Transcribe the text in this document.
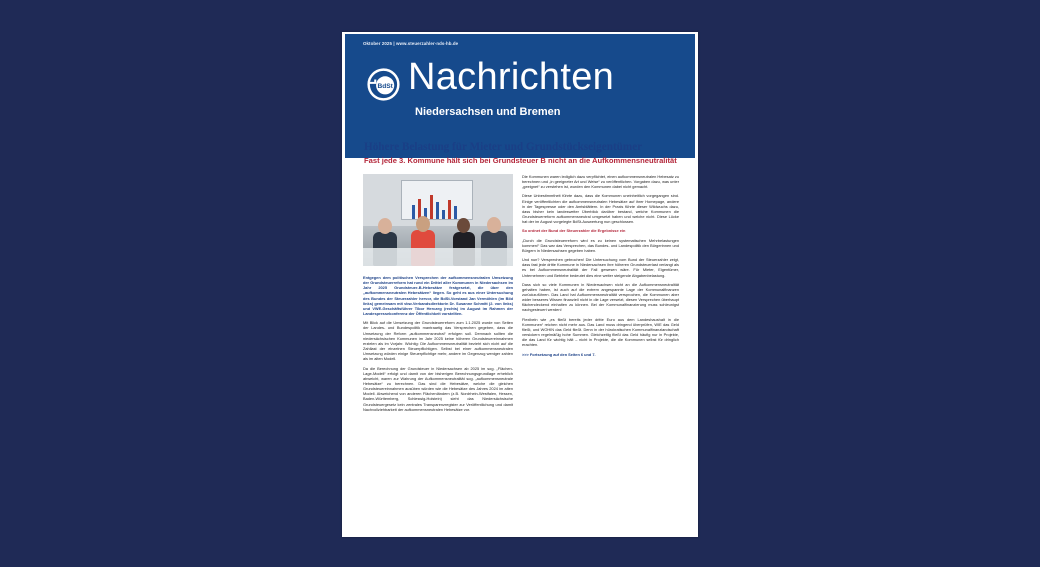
Oktober 2025 | www.steuerzahler-nds-hb.de
BdSt Nachrichten
Niedersachsen und Bremen
Höhere Belastung für Mieter und Grundstückseigentümer
Fast jede 3. Kommune hält sich bei Grundsteuer B nicht an die Aufkommensneutralität

Entgegen dem politischen Versprechen der aufkommensneutralen Umsetzung der Grundsteuerreform hat rund ein Drittel aller Kommunen in Niedersachsen im Jahr 2025 Grundsteuer-B-Hebesätze festgesetzt, die über den „aufkommensneutralen Hebesätzen“ liegen. So geht es aus einer Untersuchung des Bundes der Steuerzahler hervor, die BdSt-Vorstand Jan Vermöhlen (im Bild links) gemeinsam mit vbw-Verbandsdirektorin Dr. Susanne Schmitt (2. von links) und VWE-Geschäftsführer Tibor Herczeg (rechts) im August im Rahmen der Landespressekonferenz der Öffentlichkeit vorstellten.

Mit Blick auf die Umsetzung der Grundsteuerreform zum 1.1.2025 wurde von Seiten der Landes- und Bundespolitik mantraartig das Versprechen gegeben, dass die Umsetzung der Reform „aufkommensneutral“ erfolgen soll. Demnach sollten die niedersächsischen Kommunen im Jahr 2025 keine höheren Grundsteuereinnahmen erzielen als im Vorjahr. Wichtig: Die Aufkommensneutralität bezieht sich nicht auf die Zahllast der einzelnen Steuerpflichtigen. Selbst bei einer aufkommensneutralen Umsetzung würden einige Steuerpflichtige mehr, andere im Gegenzug weniger zahlen als im alten Modell.

Da die Berechnung der Grundsteuer in Niedersachsen ab 2025 im sog. „Flächen-Lage-Modell“ erfolgt und damit von der bisherigen Berechnungsgrundlage erheblich abweicht, waren zur Wahrung der Aufkommensneutralität sog. „aufkommensneutrale Hebesätze“ zu berechnen. Das sind die Hebesätze, welche die gleichen Grundsteuereinnahmen ausüben würden wie die Hebesätze des Jahres 2024 im alten Modell. Abweichend von anderen Flächenländern (z.B. Nordrhein-Westfalen, Hessen, Baden-Württemberg, Schleswig-Holstein) sieht das Niedersächsische Grundsteuergesetz kein zentrales Transparenzregister zur Veröffentlichung und damit Nachvollziehbarkeit der aufkommensneutralen Hebesätze vor.

Die Kommunen waren lediglich dazu verpflichtet, einen aufkommensneutralen Hebesatz zu berechnen und „in geeigneter Art und Weise“ zu veröffentlichen. Vorgaben dazu, was unter „geeignet“ zu verstehen ist, wurden den Kommunen dabei nicht gemacht.

Diese Unbestimmtheit führte dazu, dass die Kommunen uneinheitlich vorgegangen sind. Einige veröffentlichten die aufkommensneutralen Hebesätze auf ihrer Homepage, andere in der Tagespresse oder den Amtsblättern. In der Praxis führte dieser Wildwuchs dazu, dass bisher kein landesweiter Überblick darüber bestand, welche Kommunen die Grundsteuerreform aufkommensneutral umgesetzt haben und welche nicht. Diese Lücke hat der im August vorgelegte BdSt-Auswertung nun geschlossen.

So ordnet der Bund der Steuerzahler die Ergebnisse ein

„Durch die Grundsteuerreform wird es zu keinen systematischen Mehrbelastungen kommen!“ Das war das Versprechen, das Bundes- und Landespolitik den Bürgerinnen und Bürgern in Niedersachsen gegeben haben.

Und nun? Versprechen gebrochen! Die Untersuchung vom Bund der Steuerzahler zeigt, dass fast jede dritte Kommune in Niedersachsen ihre höheren Grundsteuerlast verlangt als es bei Aufkommensneutralität der Fall gewesen wäre. Für Mieter, Eigentümer, Unternehmen und Betriebe bedeutet dies eine weiter steigende Abgabenbelastung.

Dass sich so viele Kommunen in Niedersachsen nicht an die Aufkommensneutralität gehalten haben, ist auch auf die extrem angespannte Lage der Kommunalfinanzen zurückzuführen. Das Land hat Aufkommensneutralität versprochen, die Kommunen aber wider besseres Wissen finanziell nicht in die Lage versetzt, diesen Versprechen überhaupt flächendeckend einhalten zu können. Bei der Kommunalfinanzierung muss schleunigst nachgesteuert werden!

Flexibeln wie „es fließt bereits jeder dritte Euro aus dem Landeshaushalt in die Kommunen“ reichen nicht mehr aus. Das Land muss dringend überprüfen, WIE das Geld fließt, und WOHIN das Geld fließt. Denn in der hürokratischen Kommunalfinanzlandschaft versickern regelmäßig hohe Summen. Gleichzeitig fließt das Geld häufig nur in Projekte, die das Land für wichtig hält – nicht in Projekte, die die Kommunen selbst für dringlich erachten.

>>> Fortsetzung auf den Seiten 6 und 7.
